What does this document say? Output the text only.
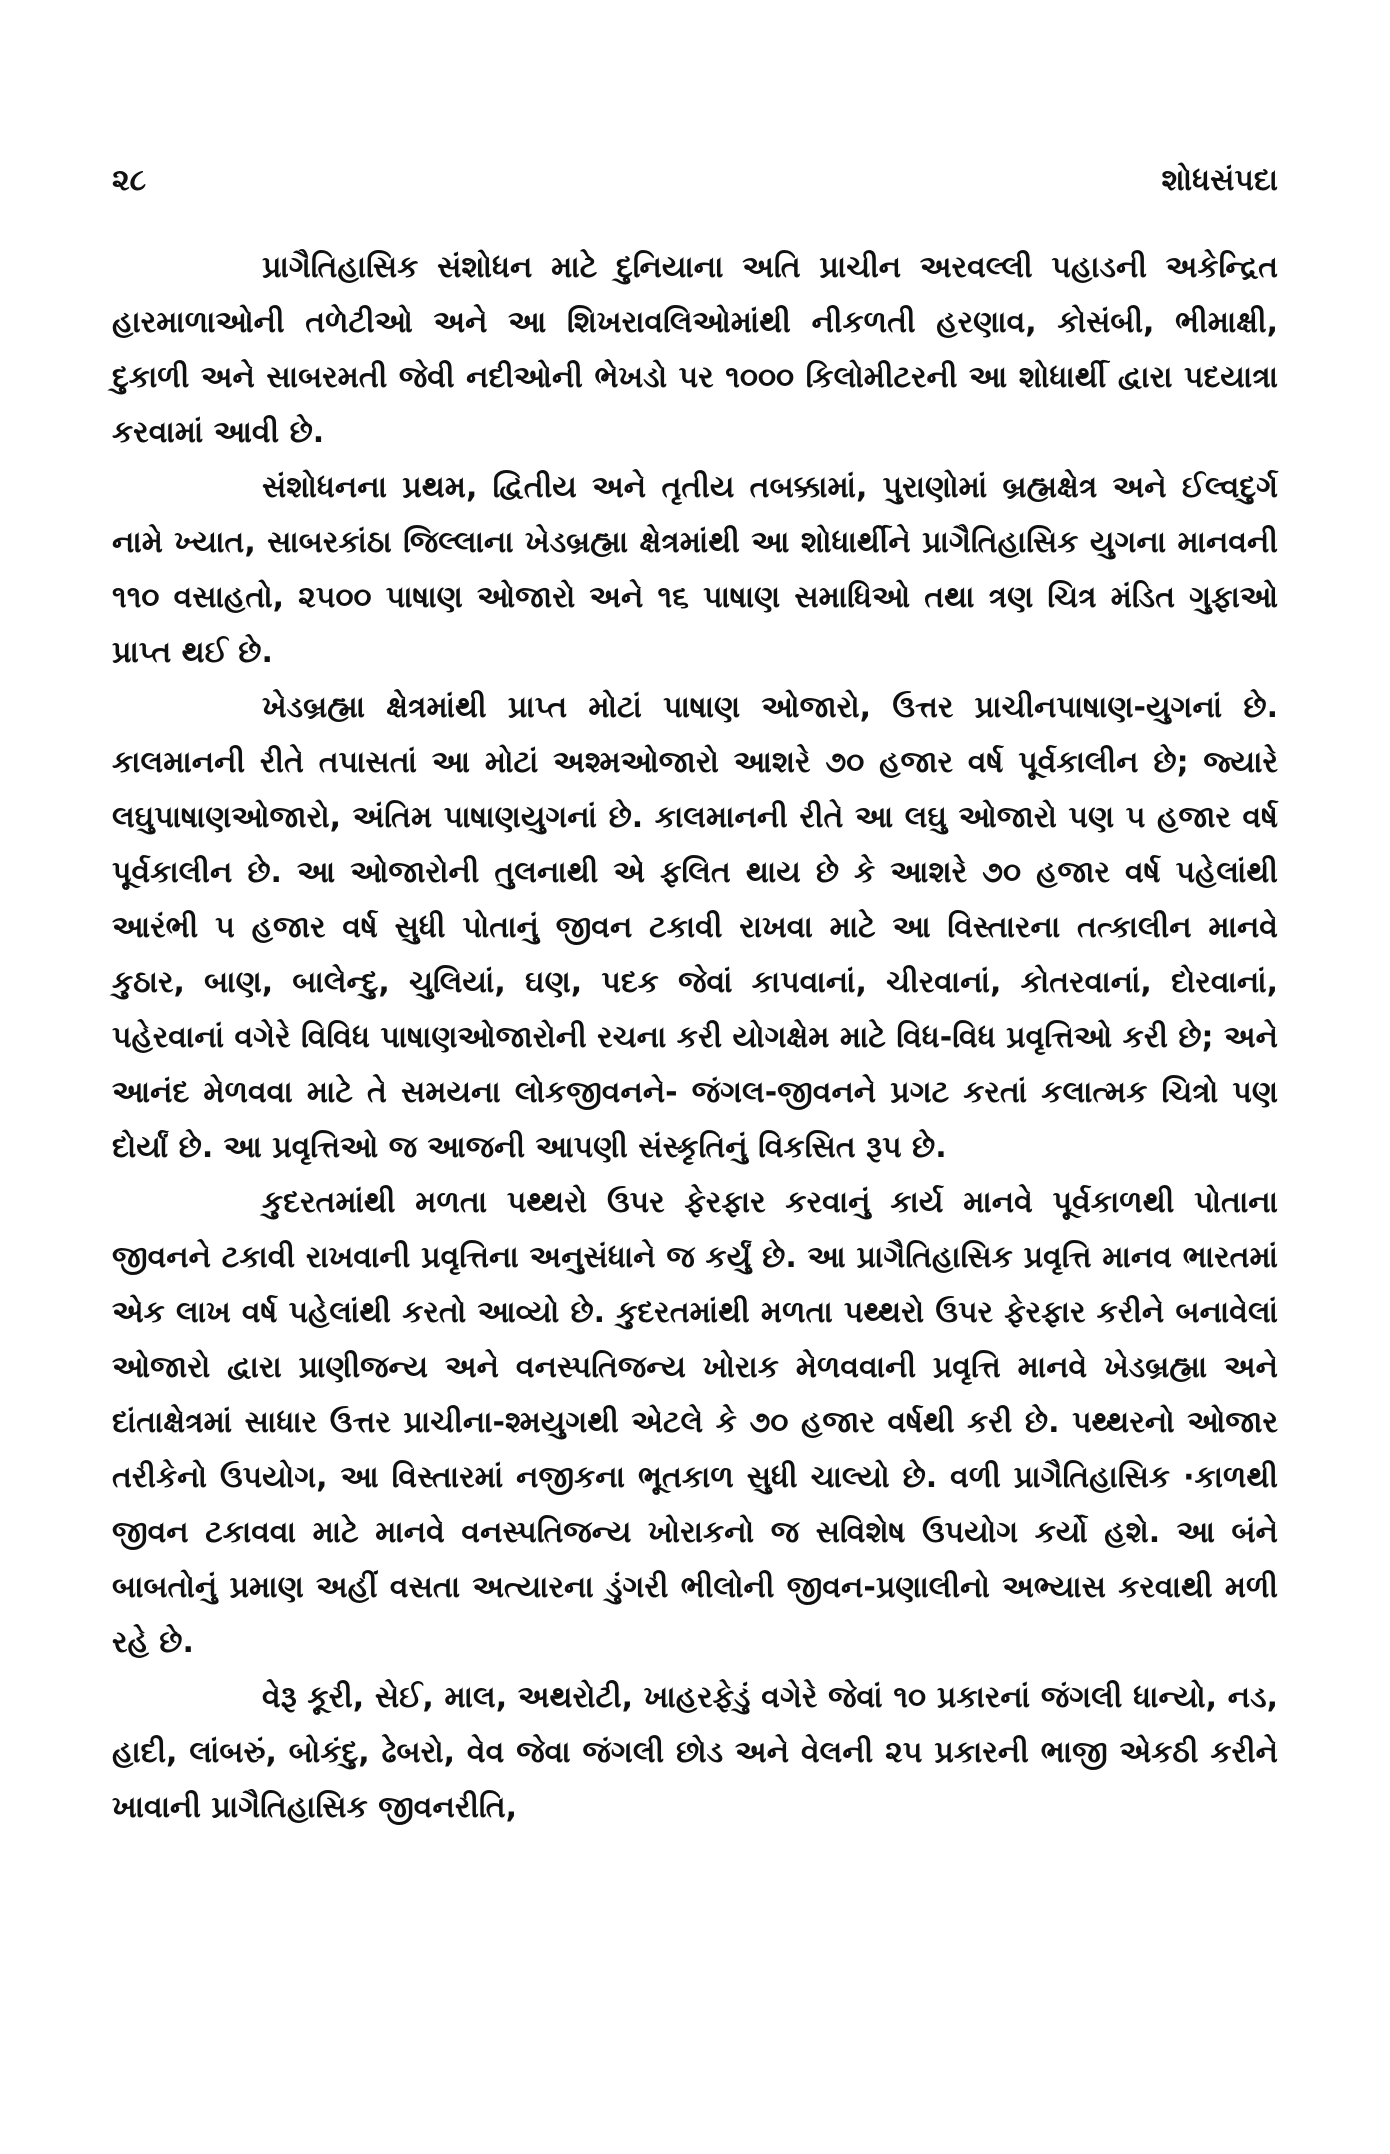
૨૮	શોધસંપદા

પ્રાગૈતિહાસિક સંશોધન માટે દુનિયાના અતિ પ્રાચીન અરવલ્લી પહાડની અકેન્દ્રિત હારમાળાઓની તળેટીઓ અને આ શિખરાવલિઓમાંથી નીકળતી હરણાવ, કોસંબી, ભીમાક્ષી, દુકાળી અને સાબરમતી જેવી નદીઓની ભેખડો પર ૧૦૦૦ કિલોમીટરની આ શોધાર્થી દ્વારા પદયાત્રા કરવામાં આવી છે.

સંશોધનના પ્રથમ, દ્વિતીય અને તૃતીય તબક્કામાં, પુરાણોમાં બ્રહ્મક્ષેત્ર અને ઈલ્વદુર્ગ નામે ખ્યાત, સાબરકાંઠા જિલ્લાના ખેડબ્રહ્મા ક્ષેત્રમાંથી આ શોધાર્થીને પ્રાગૈતિહાસિક યુગના માનવની ૧૧૦ વસાહતો, ૨૫૦૦ પાષાણ ઓજારો અને ૧૬ પાષાણ સમાધિઓ તથા ત્રણ ચિત્ર મંડિત ગુફાઓ પ્રાપ્ત થઈ છે.

ખેડબ્રહ્મા ક્ષેત્રમાંથી પ્રાપ્ત મોટાં પાષાણ ઓજારો, ઉત્તર પ્રાચીનપાષાણ-યુગનાં છે. કાલમાનની રીતે તપાસતાં આ મોટાં અશ્મઓજારો આશરે ૭૦ હજાર વર્ષ પૂર્વકાલીન છે; જ્યારે લઘુપાષાણઓજારો, અંતિમ પાષાણયુગનાં છે. કાલમાનની રીતે આ લઘુ ઓજારો પણ ૫ હજાર વર્ષ પૂર્વકાલીન છે. આ ઓજારોની તુલનાથી એ ફલિત થાય છે કે આશરે ૭૦ હજાર વર્ષ પહેલાંથી આરંભી ૫ હજાર વર્ષ સુધી પોતાનું જીવન ટકાવી રાખવા માટે આ વિસ્તારના તત્કાલીન માનવે કુઠાર, બાણ, બાલેન્દુ, ચુલિયાં, ઘણ, પદક જેવાં કાપવાનાં, ચીરવાનાં, કોતરવાનાં, દોરવાનાં, પહેરવાનાં વગેરે વિવિધ પાષાણઓજારોની રચના કરી યોગક્ષેમ માટે વિધ-વિધ પ્રવૃત્તિઓ કરી છે; અને આનંદ મેળવવા માટે તે સમયના લોકજીવનને- જંગલ-જીવનને પ્રગટ કરતાં કલાત્મક ચિત્રો પણ દોર્યાં છે. આ પ્રવૃત્તિઓ જ આજની આપણી સંસ્કૃતિનું વિકસિત રૂપ છે.

કુદરતમાંથી મળતા પથ્થરો ઉપર ફેરફાર કરવાનું કાર્ય માનવે પૂર્વકાળથી પોતાના જીવનને ટકાવી રાખવાની પ્રવૃત્તિના અનુસંધાને જ કર્યું છે. આ પ્રાગૈતિહાસિક પ્રવૃત્તિ માનવ ભારતમાં એક લાખ વર્ષ પહેલાંથી કરતો આવ્યો છે. કુદરતમાંથી મળતા પથ્થરો ઉપર ફેરફાર કરીને બનાવેલાં ઓજારો દ્વારા પ્રાણીજન્ય અને વનસ્પતિજન્ય ખોરાક મેળવવાની પ્રવૃત્તિ માનવે ખેડબ્રહ્મા અને દાંતાક્ષેત્રમાં સાધાર ઉત્તર પ્રાચીના-શ્મયુગથી એટલે કે ૭૦ હજાર વર્ષથી કરી છે. પથ્થરનો ઓજાર તરીકેનો ઉપયોગ, આ વિસ્તારમાં નજીકના ભૂતકાળ સુધી ચાલ્યો છે. વળી પ્રાગૈતિહાસિક ·કાળથી જીવન ટકાવવા માટે માનવે વનસ્પતિજન્ય ખોરાકનો જ સવિશેષ ઉપયોગ કર્યો હશે. આ બંને બાબતોનું પ્રમાણ અહીં વસતા અત્યારના ડુંગરી ભીલોની જીવન-પ્રણાલીનો અભ્યાસ કરવાથી મળી રહે છે.

વેરૂ કૂરી, સેઈ, માલ, અથરોટી, ખાહરફેડું વગેરે જેવાં ૧૦ પ્રકારનાં જંગલી ધાન્યો, નડ, હાદી, લાંબરું, બોકંદુ, ઢેબરો, વેવ જેવા જંગલી છોડ અને વેલની ૨૫ પ્રકારની ભાજી એકઠી કરીને ખાવાની પ્રાગૈતિહાસિક જીવનરીતિ,
